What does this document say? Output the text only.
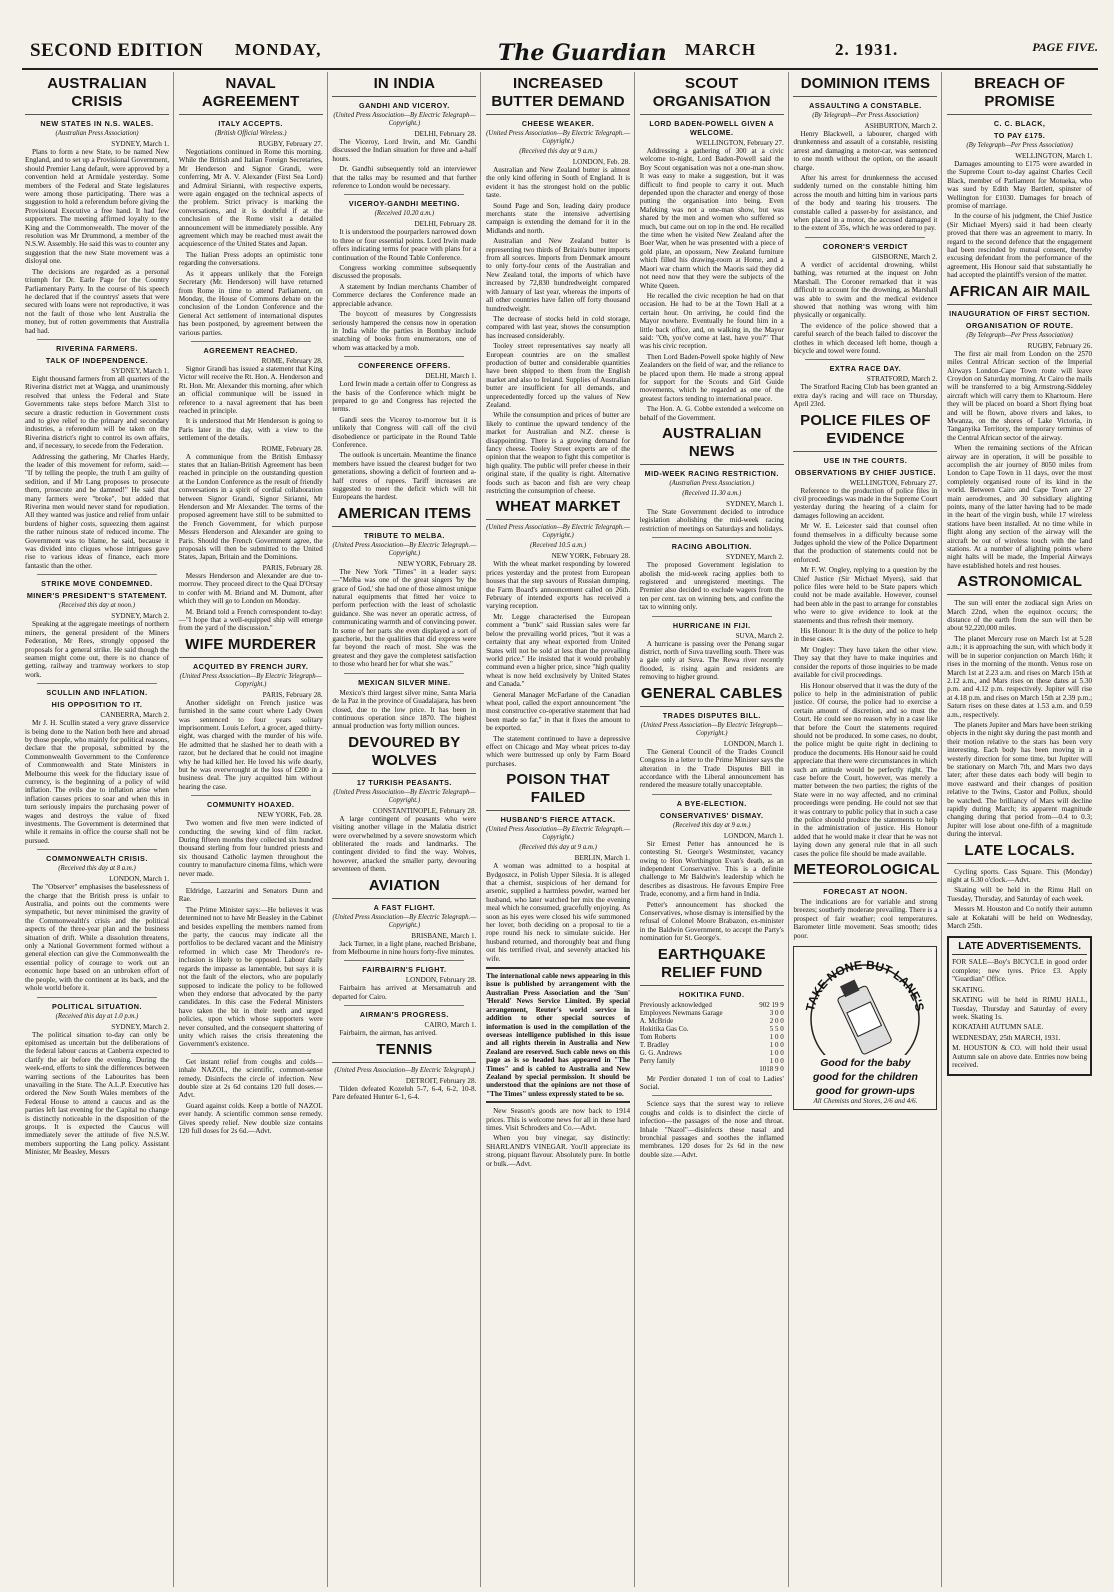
SECOND EDITION MONDAY,	The Guardian MARCH	2. 1931.	PAGE FIVE.
AUSTRALIAN CRISIS
NEW STATES IN N.S. WALES.
(Australian Press Association)
SYDNEY, March 1.

Plans to form a new State, to be named New England, and to set up a Provisional Government, should Premier Lang default, were approved by a convention held at Armidale yesterday. Some members of the Federal and State legislatures were among those participating. There was a suggestion to hold a referendum before giving the Provisional Executive a free hand. It had few supporters. The meeting affirmed loyalty to the King and the Commonwealth. The mover of the resolution was Mr Drummond, a member of the N.S.W. Assembly. He said this was to counter any suggestion that the new State movement was a disloyal one.

The decisions are regarded as a personal triumph for Dr. Earle Page for the Country Parliamentary Party. In the course of his speech he declared that if the countrys' assets that were secured with loans were not reproductive, it was not the fault of those who lent Australia the money, but of rotten governments that Australia had had.

RIVERINA FARMERS.
TALK OF INDEPENDENCE.
SYDNEY, March 1.

Eight thousand farmers from all quarters of the Riverina district met at Wagga, and unanimously resolved that unless the Federal and State Governments take steps before March 31st to secure a drastic reduction in Government costs and to give relief to the primary and secondary industries, a referendum will be taken on the Riverina district's right to control its own affairs, and, if necessary, to secede from the Federation.

Addressing the gathering, Mr Charles Hardy, the leader of this movement for reform, said:— "If by telling the people, the truth I am guilty of sedition, and if Mr Lang proposes to prosecute them, prosecute and be damned!" He said that many farmers were "broke", but added that Riverina men would never stand for repudiation. All they wanted was justice and relief from unfair burdens of higher costs, squeezing them against the rather ruinous state of reduced income. The Government was to blame, he said, because it was divided into cliques whose intrigues gave rise to various ideas of finance, each more fantastic than the other.

STRIKE MOVE CONDEMNED.
MINER'S PRESIDENT'S STATEMENT.
(Received this day at noon.)
SYDNEY, March 2.

Speaking at the aggregate meetings of northern miners, the general president of the Miners Federation, Mr Rees, strongly opposed the proposals for a general strike. He said though the seamen might come out, there is no chance of getting, railway and tramway workers to stop work.

SCULLIN AND INFLATION.
HIS OPPOSITION TO IT.
CANBERRA, March 2.

Mr J. H. Scullin stated a very grave disservice is being done to the Nation both here and abroad by those people, who mainly for political reasons, declare that the proposal, submitted by the Commonwealth Government to the Conference of Commonwealth and State Ministers in Melbourne this week for the fiduciary issue of currency, is the beginning of a policy of wild inflation. The evils due to inflation arise when inflation causes prices to soar and when this in turn seriously impairs the purchasing power of wages and destroys the value of fixed investments. The Government is determined that while it remains in office the course shall not be pursued.

COMMONWEALTH CRISIS.
(Received this day at 8 a.m.)
LONDON, March 1.

The "Observer" emphasises the baselessness of the charge that the British press is unfair to Australia, and points out the comments were sympathetic, but never minimised the gravity of the Commonwealth's crisis and the political aspects of the three-year plan and the business situation of drift. While a dissolution threatens, only a National Government formed without a general election can give the Commonwealth the essential policy of courage to work out an economic hope based on an unbroken effort of the people, with the continent at its back, and the whole world before it.

POLITICAL SITUATION.
(Received this day at 1.0 p.m.)
SYDNEY, March 2.

The political situation to-day can only be epitomised as uncertain but the deliberations of the federal labour caucus at Canberra expected to clarify the air before the evening. During the week-end, efforts to sink the differences between warring sections of the Labourites has been unavailing in the State. The A.L.P. Executive has ordered the New South Wales members of the Federal House to attend a caucus and as the parties left last evening for the Capital no change is distinctly noticeable in the disposition of the groups. It is expected the Caucus will immediately sever the attitude of five N.S.W. members supporting the Lang policy. Assistant Minister, Mr Beasley, Messrs

NAVAL AGREEMENT
ITALY ACCEPTS.
(British Official Wireless.)
RUGBY, February 27.

Negotiations continued in Rome this morning. While the British and Italian Foreign Secretaries, Mr Henderson and Signor Grandi, were conferring, Mr A. V. Alexander (First Sea Lord) and Admiral Sirianni, with respective experts, were again engaged on the technical aspects of the problem. Strict privacy is marking the conversations, and it is doubtful if at the conclusion of the Rome visit a detailed announcement will be immediately possible. Any agreement which may be reached must await the acquiescence of the United States and Japan.

The Italian Press adopts an optimistic tone regarding the conversations.

As it appears unlikely that the Foreign Secretary (Mr. Henderson) will have returned from Rome in time to attend Parliament, on Monday, the House of Commons debate on the conclusion of the London Conference and the General Act settlement of international disputes has been postponed, by agreement between the various parties.

AGREEMENT REACHED.
ROME, February 28.

Signor Grandi has issued a statement that King Victor will receive the Rt. Hon. A. Henderson and Rt. Hon. Mr. Alexander this morning, after which an official communique will be issued in reference to a naval agreement that has been reached in principle.

It is understood that Mr Henderson is going to Paris later in the day, with a view to the settlement of the details.

ROME, February 28.

A communique from the British Embassy states that an Italian-British Agreement has been reached in principle on the outstanding question at the London Conference as the result of friendly conversations in a spirit of cordial collaboration between Signor Grandi, Signor Sirianni, Mr Henderson and Mr Alexander. The terms of the proposed agreement have still to be submitted to the French Government, for which purpose Messrs Henderson and Alexander are going to Paris. Should the French Government agree, the proposals will then be submitted to the United States, Japan, Britain and the Dominions.

PARIS, February 28.

Messrs Henderson and Alexander are due to-morrow. They proceed direct to the Quai D'Orsay to confer with M. Briand and M. Dumont, after which they will go to London on Monday.

M. Briand told a French correspondent to-day:—"I hope that a well-equipped ship will emerge from the yard of the discussion."

WIFE MURDERER
ACQUITED BY FRENCH JURY.
(United Press Association—By Electric Telegraph—Copyright.)
PARIS, February 28.

Another sidelight on French justice was furnished in the same court where Lady Owen was sentenced to four years solitary imprisonment. Louis Lefort, a grocer, aged thirty-eight, was charged with the murder of his wife. He admitted that he slashed her to death with a razor, but he declared that he could not imagine why he had killed her. He loved his wife dearly, but he was overwrought at the loss of £200 in a business deal. The jury acquitted him without hearing the case.

COMMUNITY HOAXED.
NEW YORK, Feb. 28.

Two women and five men were indicted of conducting the sewing kind of film racket. During fifteen months they collected six hundred thousand sterling from four hundred priests and six thousand Catholic laymen throughout the country to manufacture cinema films, which were never made.

Eldridge, Lazzarini and Senators Dunn and Rae.

The Prime Minister says:—He believes it was determined not to have Mr Beasley in the Cabinet and besides expelling the members named from the party, the caucus may indicate all the portfolios to be declared vacant and the Ministry reformed in which case Mr Theodore's re-inclusion is likely to be opposed. Labour daily regards the impasse as lamentable, but says it is not the fault of the electors, who are popularly supposed to indicate the policy to be followed when they endorse that advocated by the party candidates. In this case the Federal Ministers have taken the bit in their teeth and urged policies, upon which whose supporters were never consulted, and the consequent shattering of unity which raises the crisis threatening the Government's existence.

Get instant relief from coughs and colds—inhale NAZOL, the scientific, common-sense remedy. Disinfects the circle of infection. New double size at 2s 6d contains 120 full doses.—Advt.

Guard against colds. Keep a bottle of NAZOL ever handy. A scientific common sense remedy. Gives speedy relief. New double size contains 120 full doses for 2s 6d.—Advt.

IN INDIA
GANDHI AND VICEROY.
(United Press Association—By Electric Telegraph—Copyright.)
DELHI, February 28.

The Viceroy, Lord Irwin, and Mr. Gandhi discussed the Indian situation for three and a-half hours.

Dr. Gandhi subsequently told an interviewer that the talks may be resumed and that further reference to London would be necessary.

VICEROY-GANDHI MEETING.
(Received 10.20 a.m.)
DELHI, February 28.

It is understood the pourparlers narrowed down to three or four essential points. Lord Irwin made offers indicating terms for peace with plans for a continuation of the Round Table Conference.

Congress working committee subsequently discussed the proposals.

A statement by Indian merchants Chamber of Commerce declares the Conference made an appreciable advance.

The boycott of measures by Congressists seriously hampered the census now in operation in India while the parties in Bombay include snatching of books from enumerators, one of whom was attacked by a mob.

CONFERENCE OFFERS.
DELHI, March 1.

Lord Irwin made a certain offer to Congress as the basis of the Conference which might be prepared to go and Congress has rejected the terms.

Gandi sees the Viceroy to-morrow but it is unlikely that Congress will call off the civil disobedience or participate in the Round Table Conference.

The outlook is uncertain. Meantime the finance members have issued the clearest budget for two generations, showing a deficit of fourteen and a-half crores of rupees. Tariff increases are suggested to meet the deficit which will hit Europeans the hardest.

AMERICAN ITEMS
TRIBUTE TO MELBA.
(United Press Association—By Electric Telegraph.—Copyright.)
NEW YORK, February 28.

The New York "Times" in a leader says:—"Melba was one of the great singers 'by the grace of God,' she had one of those almost unique natural equipments that fitted her voice to perform perfection with the least of scholastic guidance. She was never an operatic actress, of communicating warmth and of convincing power. In some of her parts she even displayed a sort of gaucherie, but the qualities that did express were far beyond the reach of most. She was the greatest and they gave the completest satisfaction to those who heard her for what she was."

MEXICAN SILVER MINE.

Mexico's third largest silver mine, Santa Maria de la Paz in the province of Guadalajara, has been closed, due to the low price. It has been in continuous operation since 1870. The highest annual production was forty million ounces.

DEVOURED BY WOLVES
17 TURKISH PEASANTS.
(United Press Association—By Electric Telegraph—Copyright.)
CONSTANTINOPLE, February 28.

A large contingent of peasants who were visiting another village in the Malatia district were overwhelmed by a severe snowstorm which obliterated the roads and landmarks. The contingent divided to find the way. Wolves, however, attacked the smaller party, devouring seventeen of them.

AVIATION
A FAST FLIGHT.
(United Press Association—By Electric Telegraph.—Copyright.)
BRISBANE, March 1.

Jack Turner, in a light plane, reached Brisbane, from Melbourne in nine hours forty-five minutes.

FAIRBAIRN'S FLIGHT.
LONDON, February 28.

Fairbairn has arrived at Mersamatruh and departed for Cairo.

AIRMAN'S PROGRESS.
CAIRO, March 1.

Fairbairn, the airman, has arrived.

TENNIS
(United Press Association—By Electric Telegraph.)
DETROIT, February 28.

Tilden defeated Kozeluh 5-7, 6-4, 6-2, 10-8. Pare defeated Hunter 6-1, 6-4.

INCREASED BUTTER DEMAND
CHEESE WEAKER.
(United Press Association—By Electric Telegraph.—Copyright.)
(Received this day at 9 a.m.)
LONDON, Feb. 28.

Australian and New Zealand butter is almost the only kind offering in South of England. It is evident it has the strongest hold on the public taste.

Sound Page and Son, leading dairy produce merchants state the intensive advertising campaign is extending the demand for it in the Midlands and north.

Australian and New Zealand butter is representing two thirds of Britain's butter imports from all sources. Imports from Denmark amount to only forty-four cents of the Australian and New Zealand total, the imports of which have increased by 72,830 hundredweight compared with January of last year, whereas the imports of all other countries have fallen off forty thousand hundredweight.

The decrease of stocks held in cold storage, compared with last year, shows the consumption has increased considerably.

Tooley street representatives say nearly all European countries are on the smallest production of butter and considerable quantities have been shipped to them from the English market and also to Ireland. Supplies of Australian butter are insufficient for all demands, and unprecedentedly forced up the values of New Zealand.

While the consumption and prices of butter are likely to continue the upward tendency of the market for Australian and N.Z. cheese is disappointing. There is a growing demand for fancy cheese. Tooley Street experts are of the opinion that the weapon to fight this competitor is high quality. The public will prefer cheese in their original state, if the quality is right. Alternative foods such as bacon and fish are very cheap restricting the consumption of cheese.

WHEAT MARKET
(United Press Association—By Electric Telegraph.—Copyright.)
(Received 10.5 a.m.)
NEW YORK, February 28.

With the wheat market responding by lowered prices yesterday and the protest from European houses that the step savours of Russian dumping, the Farm Board's announcement called on 26th. February of intended exports has received a varying reception.

Mr. Legge characterised the European comment a "bunk" said Russian sales were far below the prevailing world prices, "but it was a certainty that any wheat exported from United States will not be sold at less than the prevailing world price." He insisted that it would probably command even a higher price, since "high quality wheat is now held exclusively by United States and Canada."

General Manager McFarlane of the Canadian wheat pool, called the export announcement "the most constructive co-operative statement that had been made so far," in that it fixes the amount to be exported.

The statement continued to have a depressive effect on Chicago and May wheat prices to-day which were buttressed up only by Farm Board purchases.

POISON THAT FAILED
HUSBAND'S FIERCE ATTACK.
(United Press Association—By Electric Telegraph.—Copyright.)
(Received this day at 9 a.m.)
BERLIN, March 1.

A woman was admitted to a hospital at Bydgoszcz, in Polish Upper Silesia. It is alleged that a chemist, suspicious of her demand for arsenic, supplied a harmless powder, warned her husband, who later watched her mix the evening meal which he consumed, gracefully enjoying. As soon as his eyes were closed his wife summoned her lover, both deciding on a proposal to tie a rope round his neck to simulate suicide. Her husband returned, and thoroughly beat and flung out his terrified rival, and severely attacked his wife.

The international cable news appearing in this issue is published by arrangement with the Australian Press Association and the 'Sun' 'Herald' News Service Limited. By special arrangement, Reuter's world service in addition to other special sources of information is used in the compilation of the overseas intelligence published in this issue and all rights therein in Australia and New Zealand are reserved. Such cable news on this page as is so headed has appeared in "The Times" and is cabled to Australia and New Zealand by special permission. It should be understood that the opinions are not those of "The Times" unless expressly stated to be so.

New Season's goods are now back to 1914 prices. This is welcome news for all in these hard times. Visit Schroders and Co.—Advt.

When you buy vinegar, say distinctly: SHARLAND'S VINEGAR. You'll appreciate its strong, piquant flavour. Absolutely pure. In bottle or bulk.—Advt.

SCOUT ORGANISATION
LORD BADEN-POWELL GIVEN A WELCOME.
WELLINGTON, February 27.

Addressing a gathering of 300 at a civic welcome to-night, Lord Baden-Powell said the Boy Scout organisation was not a one-man show. It was easy to make a suggestion, but it was difficult to find people to carry it out. Much depended upon the character and energy of those putting the organisation into being. Even Mafeking was not a one-man show, but was shared by the men and women who suffered so much, but came out on top in the end. He recalled the time when he visited New Zealand after the Boer War, when he was presented with a piece of gold plate, an opossum, New Zealand furniture which filled his drawing-room at Home, and a Maori war charm which the Maoris said they did not need now that they were the subjects of the White Queen.

He recalled the civic reception he had on that occasion. He had to be at the Town Hall at a certain hour. On arriving, he could find the Mayor nowhere. Eventually he found him in a little back office, and, on walking in, the Mayor said: "Oh, you've come at last, have you?" That was his civic reception.

Then Lord Baden-Powell spoke highly of New Zealanders on the field of war, and the reliance to be placed upon them. He made a strong appeal for support for the Scouts and Girl Guide movements, which he regarded as one of the greatest factors tending to international peace.

The Hon. A. G. Cobbe extended a welcome on behalf of the Government.

AUSTRALIAN NEWS
MID-WEEK RACING RESTRICTION.
(Australian Press Association.)
(Received 11.30 a.m.)
SYDNEY, March 1.

The State Government decided to introduce legislation abolishing the mid-week racing restriction of meetings on Saturdays and holidays.

RACING ABOLITION.
SYDNEY, March 2.

The proposed Government legislation to abolish the mid-week racing applies both to registered and unregistered meetings. The Premier also decided to exclude wagers from the ten per cent. tax on winning bets, and confine the tax to winning only.

HURRICANE IN FIJI.
SUVA, March 2.

A hurricane is passing over the Penang sugar district, north of Suva travelling south. There was a gale only at Suva. The Rewa river recently flooded, is rising again and residents are removing to higher ground.

GENERAL CABLES
TRADES DISPUTES BILL.
(United Press Association—By Electric Telegraph—Copyright.)
LONDON, March 1.

The General Council of the Trades Council Congress in a letter to the Prime Minister says the alteration in the Trade Disputes Bill in accordance with the Liberal announcement has rendered the measure totally unacceptable.

A BYE-ELECTION.
CONSERVATIVES' DISMAY.
(Received this day at 9 a.m.)
LONDON, March 1.

Sir Ernest Petter has announced he is contesting St. George's Westminster, vacancy owing to Hon Worthington Evan's death, as an independent Conservative. This is a definite challenge to Mr Baldwin's leadership which he describes as disastrous. He favours Empire Free Trade, economy, and a firm hand in India.

Petter's announcement has shocked the Conservatives, whose dismay is intensified by the refusal of Colonel Moore Brabazon, ex-minister in the Baldwin Government, to accept the Party's nomination for St. George's.

EARTHQUAKE RELIEF FUND
HOKITIKA FUND.
Previously acknowledged	902 19 9
Employees Newmans Garage	3 0 0
A. McBride	2 0 0
Hokitika Gas Co.	5 5 0
Tom Roberts	1 0 0
T. Bradley	1 0 0
G. G. Andrews	1 0 0
Perry family	1 0 0
	1018 9 0

Mr Perdier donated 1 ton of coal to Ladies' Social.

Science says that the surest way to relieve coughs and colds is to disinfect the circle of infection—the passages of the nose and throat. Inhale "Nazol"—disinfects these nasal and bronchial passages and soothes the inflamed membranes. 120 doses for 2s 6d in the new double size.—Advt.

DOMINION ITEMS
ASSAULTING A CONSTABLE.
(By Telegraph—Per Press Association)
ASHBURTON, March 2.

Henry Blackwell, a labourer, charged with drunkenness and assault of a constable, resisting arrest and damaging a motor-car, was sentenced to one month without the option, on the assault charge.

After his arrest for drunkenness the accused suddenly turned on the constable hitting him across the mouth and hitting him in various parts of the body and tearing his trousers. The constable called a passer-by for assistance, and when placed in a motor, the accused damaged it to the extent of 35s, which he was ordered to pay.

CORONER'S VERDICT
GISBORNE, March 2.

A verdict of accidental drowning, whilst bathing, was returned at the inquest on John Marshall. The Coroner remarked that it was difficult to account for the drowning, as Marshall was able to swim and the medical evidence showed that nothing was wrong with him physically or organically.

The evidence of the police showed that a careful search of the beach failed to discover the clothes in which deceased left home, though a bicycle and towel were found.

EXTRA RACE DAY.
STRATFORD, March 2.

The Stratford Racing Club has been granted an extra day's racing and will race on Thursday, April 23rd.

POLICE FILES OF EVIDENCE
USE IN THE COURTS.
OBSERVATIONS BY CHIEF JUSTICE.
WELLINGTON, February 27.

Reference to the production of police files in civil proceedings was made in the Supreme Court yesterday during the hearing of a claim for damages following an accident.

Mr W. E. Leicester said that counsel often found themselves in a difficulty because some Judges uphold the view of the Police Department that the production of statements could not be enforced.

Mr F. W. Ongley, replying to a question by the Chief Justice (Sir Michael Myers), said that police files were held to be State papers which could not be made available. However, counsel had been able in the past to arrange for constables who were to give evidence to look at the statements and thus refresh their memory.

His Honour: It is the duty of the police to help in these cases.

Mr Ongley: They have taken the other view. They say that they have to make inquiries and consider the reports of those inquiries to be made available for civil proceedings.

His Honour observed that it was the duty of the police to help in the administration of public justice. Of course, the police had to exercise a certain amount of discretion, and so must the Court. He could see no reason why in a case like that before the Court the statements required should not be produced. In some cases, no doubt, the police might be quite right in declining to produce the documents. His Honour said he could appreciate that there were circumstances in which such an attitude would be perfectly right. The case before the Court, however, was merely a matter between the two parties; the rights of the State were in no way affected, and no criminal proceedings were pending. He could not see that it was contrary to public policy that in such a case the police should produce the statements to help in the administration of justice. His Honour added that he would make it clear that he was not laying down any general rule that in all such cases the police file should be made available.

METEOROLOGICAL
FORECAST AT NOON.

The indications are for variable and strong breezes; southerly moderate prevailing. There is a prospect of fair weather; cool temperatures. Barometer little movement. Seas smooth; tides poor.

TAKE NONE BUT LANE'S
Good for the baby
good for the children
good for grown-ups
All Chemists and Stores, 2/6 and 4/6.
BREACH OF PROMISE
C. C. BLACK,
TO PAY £175.
(By Telegraph—Per Press Association)
WELLINGTON, March 1.

Damages amounting to £175 were awarded in the Supreme Court to-day against Charles Cecil Black, member of Parliament for Motueka, who was sued by Edith May Bartlett, spinster of Wellington for £1030. Damages for breach of promise of marriage.

In the course of his judgment, the Chief Justice (Sir Michael Myers) said it had been clearly proved that there was an agreement to marry. In regard to the second defence that the engagement had been rescinded by mutual consent, thereby excusing defendant from the performance of the agreement, His Honour said that substantially he had accepted the plaintiff's version of the matter.

AFRICAN AIR MAIL
INAUGURATION OF FIRST SECTION.
ORGANISATION OF ROUTE.
(By Telegraph—Per Press Association)
RUGBY, February 26.

The first air mail from London on the 2570 miles Central African section of the Imperial Airways London-Cape Town route will leave Croydon on Saturday morning. At Cairo the mails will be transferred to a big Armstrong-Siddeley aircraft which will carry them to Khartoum. Here they will be placed on board a Short flying boat and will be flown, above rivers and lakes, to Mwanza, on the shores of Lake Victoria, in Tanganyika Territory, the temporary terminus of the Central African sector of the airway.

When the remaining sections of the African airway are in operation, it will be possible to accomplish the air journey of 8050 miles from London to Cape Town in 11 days, over the most completely organised route of its kind in the world. Between Cairo and Cape Town are 27 main aerodromes, and 30 subsidiary alighting points, many of the latter having had to be made in the heart of the virgin bush, while 17 wireless stations have been installed. At no time while in flight along any section of the airway will the aircraft be out of wireless touch with the land stations. At a number of alighting points where night halts will be made, the Imperial Airways have established hotels and rest houses.

ASTRONOMICAL

The sun will enter the zodiacal sign Aries on March 22nd, when the equinox occurs; the distance of the earth from the sun will then be about 92,220,000 miles.

The planet Mercury rose on March 1st at 5.28 a.m.; it is approaching the sun, with which body it will be in superior conjunction on March 16th; it rises in the morning of the month. Venus rose on March 1st at 2.23 a.m. and rises on March 15th at 2.12 a.m., and Mars rises on these dates at 5.30 p.m. and 4.12 p.m. respectively. Jupiter will rise at 4.18 p.m. and rises on March 15th at 2.39 p.m.; Saturn rises on these dates at 1.53 a.m. and 0.59 a.m., respectively.

The planets Jupiter and Mars have been striking objects in the night sky during the past month and their motion relative to the stars has been very interesting. Each body has been moving in a westerly direction for some time, but Jupiter will be stationary on March 7th, and Mars two days later; after these dates each body will begin to move eastward and their changes of position relative to the Twins, Castor and Pollux, should be watched. The brilliancy of Mars will decline rapidly during March; its apparent magnitude changing during that period from—0.4 to 0.3; Jupiter will lose about one-fifth of a magnitude during the interval.

LATE LOCALS.

Cycling sports. Cass Square. This (Monday) night at 6.30 o'clock.—Advt.

Skating will be held in the Rimu Hall on Tuesday, Thursday, and Saturday of each week.

Messrs M. Houston and Co notify their autumn sale at Kokatahi will be held on Wednesday, March 25th.

LATE ADVERTISEMENTS.

FOR SALE—Boy's BICYCLE in good order complete; new tyres. Price £3. Apply "Guardian" Office.

SKATING.

SKATING will be held in RIMU HALL, Tuesday, Thursday and Saturday of every week. Skating 1s.

KOKATAHI AUTUMN SALE.

WEDNESDAY, 25th MARCH, 1931.

M. HOUSTON & CO. will hold their usual Autumn sale on above date. Entries now being received.
